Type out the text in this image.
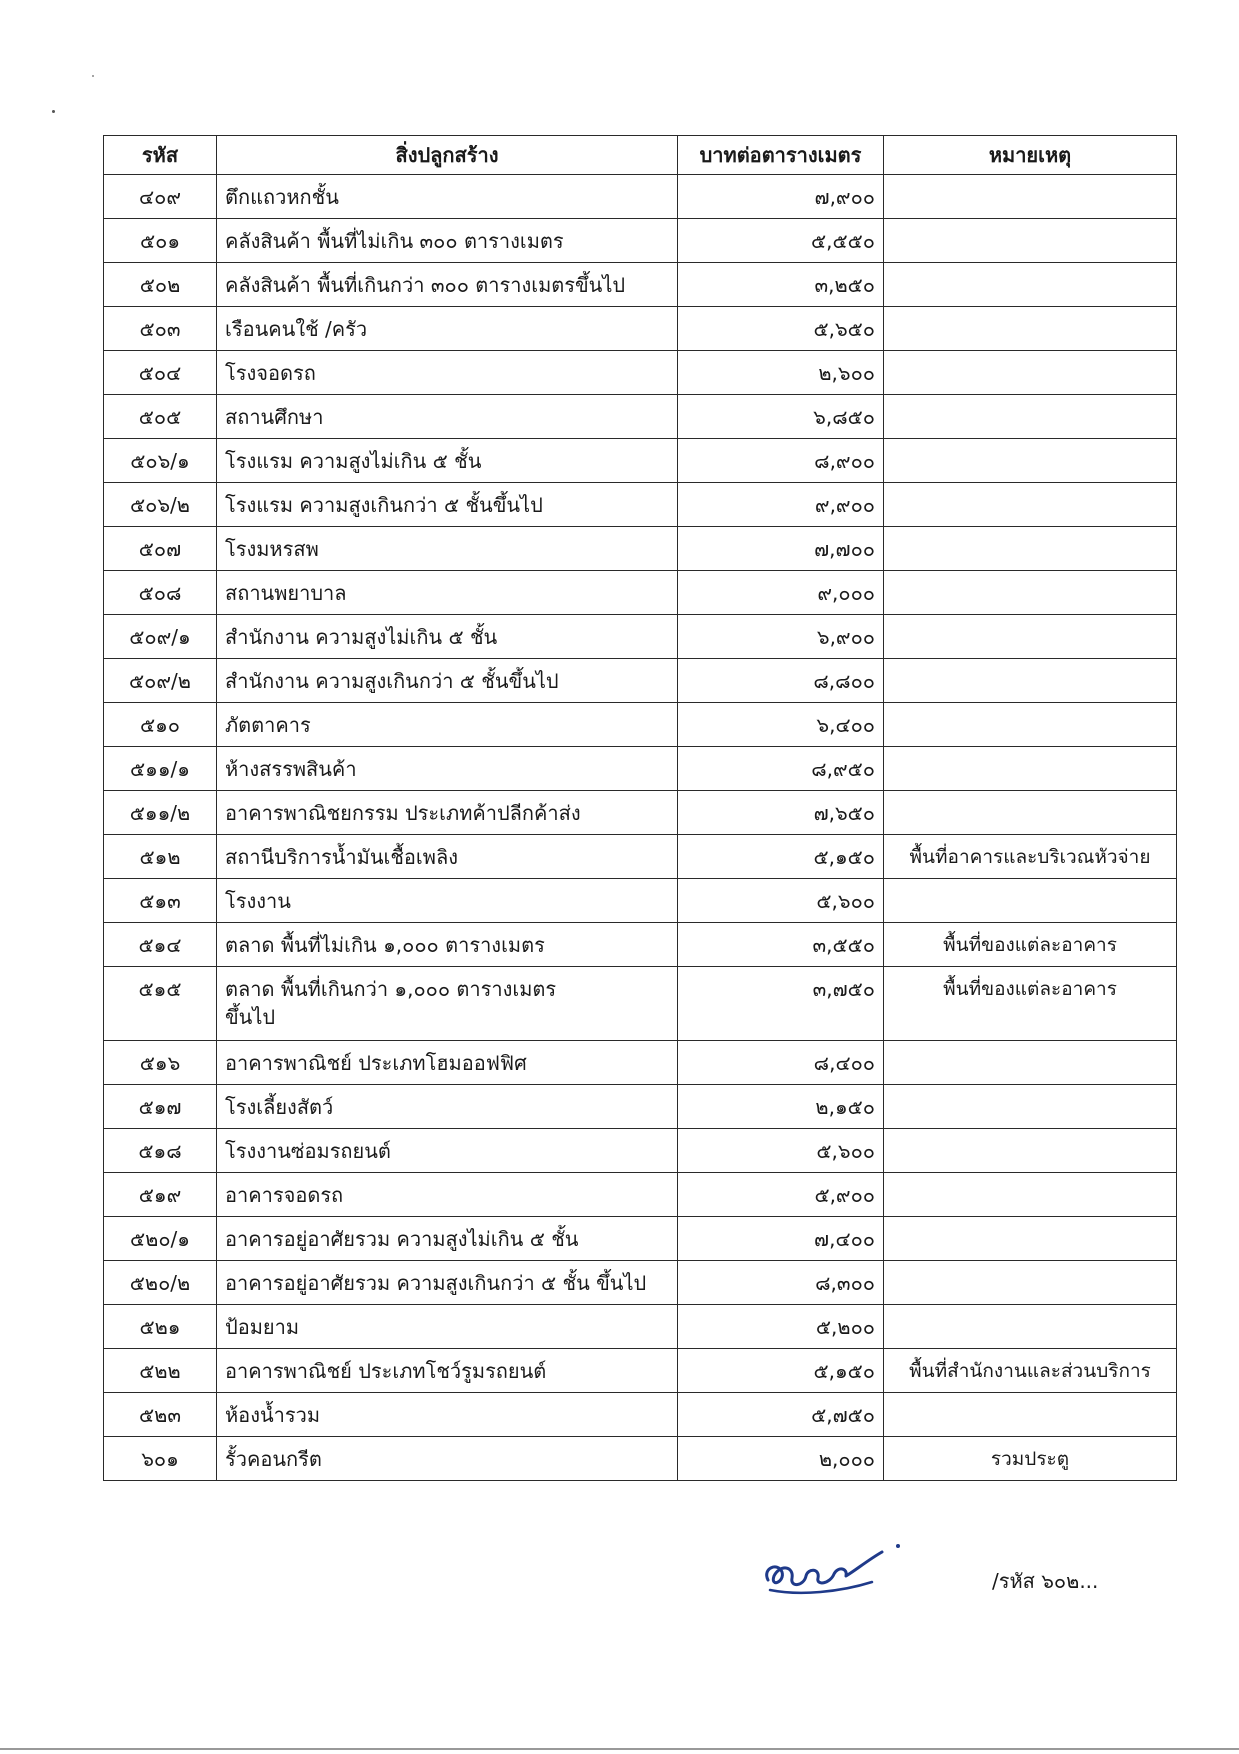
รหัส	สิ่งปลูกสร้าง	บาทต่อตารางเมตร	หมายเหตุ
๔๐๙	ตึกแถวหกชั้น	๗,๙๐๐	
๕๐๑	คลังสินค้า พื้นที่ไม่เกิน ๓๐๐ ตารางเมตร	๕,๕๕๐	
๕๐๒	คลังสินค้า พื้นที่เกินกว่า ๓๐๐ ตารางเมตรขึ้นไป	๓,๒๕๐	
๕๐๓	เรือนคนใช้ /ครัว	๕,๖๕๐	
๕๐๔	โรงจอดรถ	๒,๖๐๐	
๕๐๕	สถานศึกษา	๖,๘๕๐	
๕๐๖/๑	โรงแรม ความสูงไม่เกิน ๕ ชั้น	๘,๙๐๐	
๕๐๖/๒	โรงแรม ความสูงเกินกว่า ๕ ชั้นขึ้นไป	๙,๙๐๐	
๕๐๗	โรงมหรสพ	๗,๗๐๐	
๕๐๘	สถานพยาบาล	๙,๐๐๐	
๕๐๙/๑	สำนักงาน ความสูงไม่เกิน ๕ ชั้น	๖,๙๐๐	
๕๐๙/๒	สำนักงาน ความสูงเกินกว่า ๕ ชั้นขึ้นไป	๘,๘๐๐	
๕๑๐	ภัตตาคาร	๖,๔๐๐	
๕๑๑/๑	ห้างสรรพสินค้า	๘,๙๕๐	
๕๑๑/๒	อาคารพาณิชยกรรม ประเภทค้าปลีกค้าส่ง	๗,๖๕๐	
๕๑๒	สถานีบริการน้ำมันเชื้อเพลิง	๕,๑๕๐	พื้นที่อาคารและบริเวณหัวจ่าย
๕๑๓	โรงงาน	๕,๖๐๐	
๕๑๔	ตลาด พื้นที่ไม่เกิน ๑,๐๐๐ ตารางเมตร	๓,๕๕๐	พื้นที่ของแต่ละอาคาร
๕๑๕	ตลาด พื้นที่เกินกว่า ๑,๐๐๐ ตารางเมตร
ขึ้นไป	๓,๗๕๐	พื้นที่ของแต่ละอาคาร
๕๑๖	อาคารพาณิชย์ ประเภทโฮมออฟฟิศ	๘,๔๐๐	
๕๑๗	โรงเลี้ยงสัตว์	๒,๑๕๐	
๕๑๘	โรงงานซ่อมรถยนต์	๕,๖๐๐	
๕๑๙	อาคารจอดรถ	๕,๙๐๐	
๕๒๐/๑	อาคารอยู่อาศัยรวม ความสูงไม่เกิน ๕ ชั้น	๗,๔๐๐	
๕๒๐/๒	อาคารอยู่อาศัยรวม ความสูงเกินกว่า ๕ ชั้น ขึ้นไป	๘,๓๐๐	
๕๒๑	ป้อมยาม	๕,๒๐๐	
๕๒๒	อาคารพาณิชย์ ประเภทโชว์รูมรถยนต์	๕,๑๕๐	พื้นที่สำนักงานและส่วนบริการ
๕๒๓	ห้องน้ำรวม	๕,๗๕๐	
๖๐๑	รั้วคอนกรีต	๒,๐๐๐	รวมประตู
/รหัส ๖๐๒...
